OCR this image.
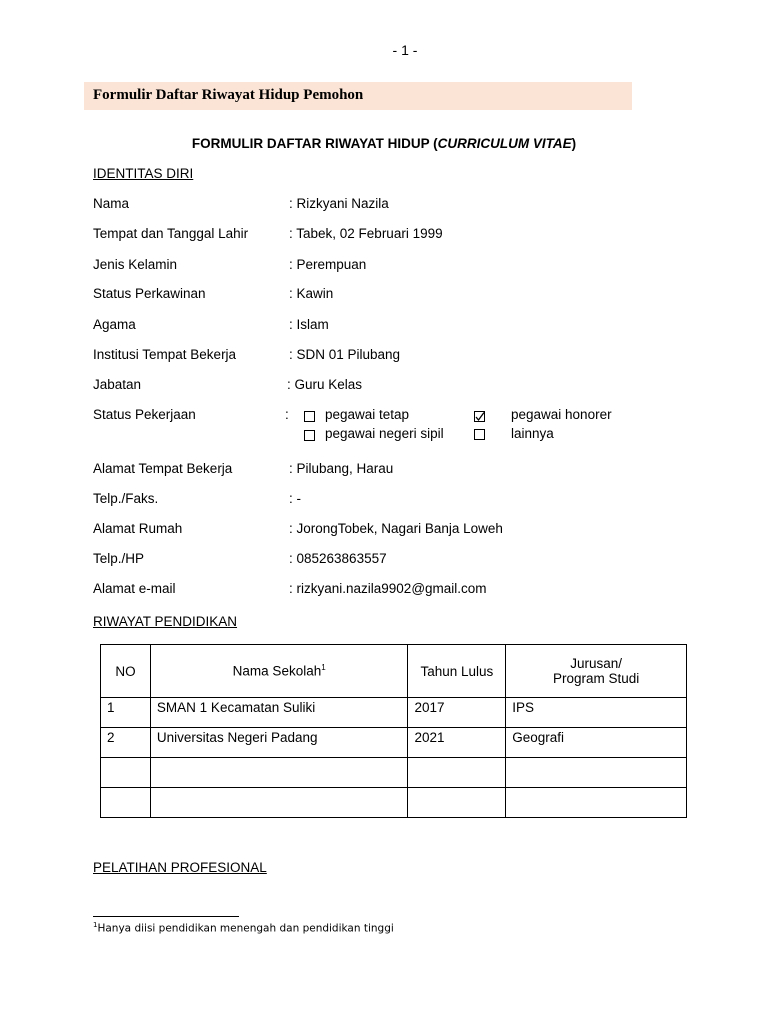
- 1 -
Formulir Daftar Riwayat Hidup Pemohon
FORMULIR DAFTAR RIWAYAT HIDUP (CURRICULUM VITAE)
IDENTITAS DIRI
Nama	: Rizkyani Nazila
Tempat dan Tanggal Lahir	: Tabek, 02 Februari 1999
Jenis Kelamin	: Perempuan
Status Perkawinan	: Kawin
Agama	: Islam
Institusi Tempat Bekerja	: SDN 01 Pilubang
Jabatan	: Guru Kelas
Status Pekerjaan	:	pegawai tetap	pegawai honorer
pegawai negeri sipil	lainnya
Alamat Tempat Bekerja	: Pilubang, Harau
Telp./Faks.	: -
Alamat Rumah	: JorongTobek, Nagari Banja Loweh
Telp./HP	: 085263863557
Alamat e-mail	: rizkyani.nazila9902@gmail.com
RIWAYAT PENDIDIKAN
NO	Nama Sekolah$^1$	Tahun Lulus	Jurusan/
Program Studi

1	SMAN 1 Kecamatan Suliki	2017	IPS
2	Universitas Negeri Padang	2021	Geografi

PELATIHAN PROFESIONAL
$^1$Hanya diisi pendidikan menengah dan pendidikan tinggi
